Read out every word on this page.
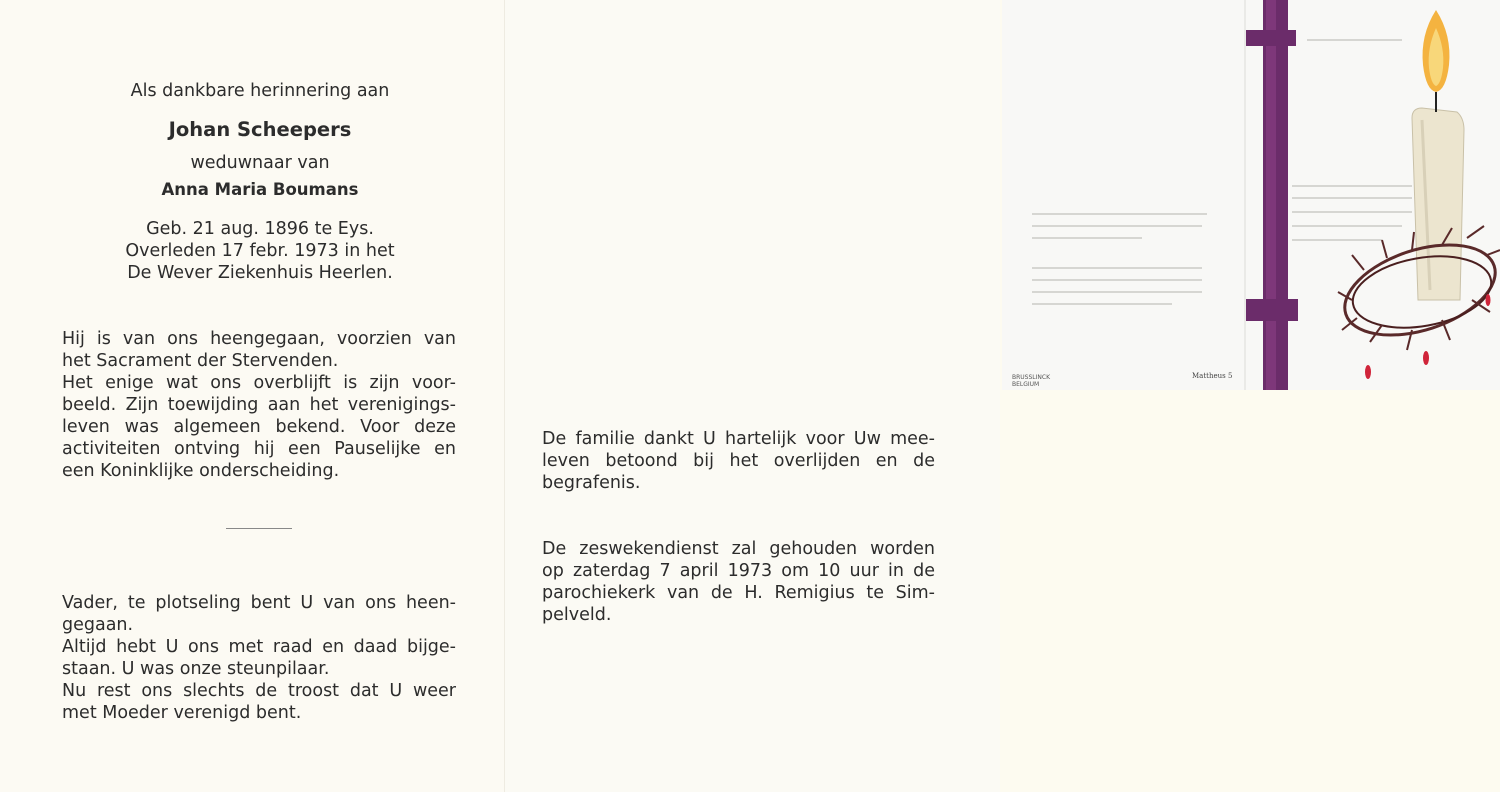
Als dankbare herinnering aan
Johan Scheepers
weduwnaar van
Anna Maria Boumans
Geb. 21 aug. 1896 te Eys.
Overleden 17 febr. 1973 in het
De Wever Ziekenhuis Heerlen.
Hij is van ons heengegaan, voorzien van
het Sacrament der Stervenden.
Het enige wat ons overblijft is zijn voor-
beeld. Zijn toewijding aan het verenigings-
leven was algemeen bekend. Voor deze
activiteiten ontving hij een Pauselijke en
een Koninklijke onderscheiding.
Vader, te plotseling bent U van ons heen-
gegaan.
Altijd hebt U ons met raad en daad bijge-
staan. U was onze steunpilaar.
Nu rest ons slechts de troost dat U weer
met Moeder verenigd bent.
De familie dankt U hartelijk voor Uw mee-
leven betoond bij het overlijden en de
begrafenis.
De zeswekendienst zal gehouden worden
op zaterdag 7 april 1973 om 10 uur in de
parochiekerk van de H. Remigius te Sim-
pelveld.
BRUSSLINCK
BELGIUM
Mattheus 5
